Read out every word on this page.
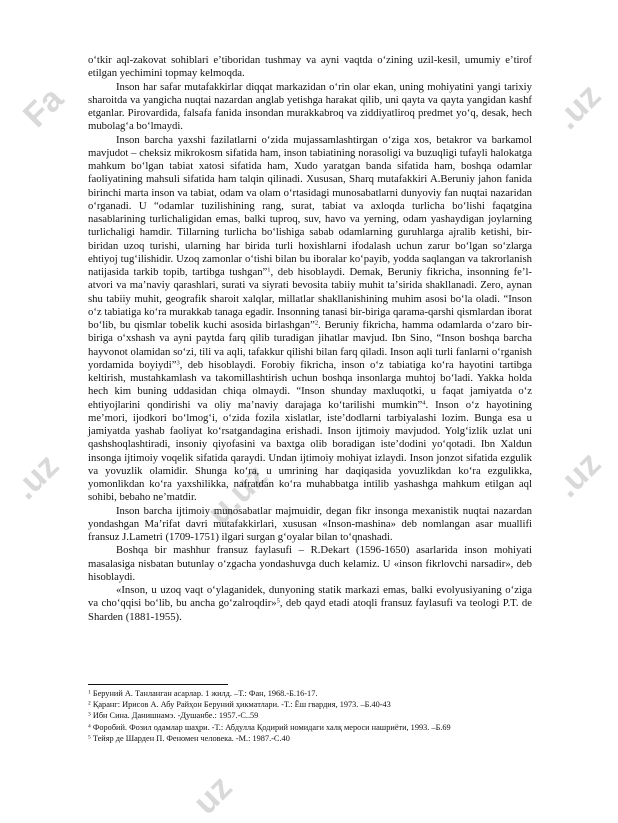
Fa
.uz	u.uz	.uz
.uz
uz

oʻtkir aql-zakovat sohiblari eʼtiboridan tushmay va ayni vaqtda oʻzining uzil-kesil, umumiy eʼtirof etilgan yechimini topmay kelmoqda.

Inson har safar mutafakkirlar diqqat markazidan oʻrin olar ekan, uning mohiyatini yangi tarixiy sharoitda va yangicha nuqtai nazardan anglab yetishga harakat qilib, uni qayta va qayta yangidan kashf etganlar. Pirovardida, falsafa fanida insondan murakkabroq va ziddiyatliroq predmet yoʻq, desak, hech mubolagʻa boʻlmaydi.

Inson barcha yaxshi fazilatlarni oʻzida mujassamlashtirgan oʻziga xos, betakror va barkamol mavjudot – cheksiz mikrokosm sifatida ham, inson tabiatining norasoligi va buzuqligi tufayli halokatga mahkum boʻlgan tabiat xatosi sifatida ham, Xudo yaratgan banda sifatida ham, boshqa odamlar faoliyatining mahsuli sifatida ham talqin qilinadi. Xususan, Sharq mutafakkiri A.Beruniy jahon fanida birinchi marta inson va tabiat, odam va olam oʻrtasidagi munosabatlarni dunyoviy fan nuqtai nazaridan oʻrganadi. U “odamlar tuzilishining rang, surat, tabiat va axloqda turlicha boʻlishi faqatgina nasablarining turlichaligidan emas, balki tuproq, suv, havo va yerning, odam yashaydigan joylarning turlichaligi hamdir. Tillarning turlicha boʻlishiga sabab odamlarning guruhlarga ajralib ketishi, bir-biridan uzoq turishi, ularning har birida turli hoxishlarni ifodalash uchun zarur boʻlgan soʻzlarga ehtiyoj tugʻilishidir. Uzoq zamonlar oʻtishi bilan bu iboralar koʻpayib, yodda saqlangan va takrorlanish natijasida tarkib topib, tartibga tushgan”$^1$, deb hisoblaydi. Demak, Beruniy fikricha, insonning feʼl-atvori va maʼnaviy qarashlari, surati va siyrati bevosita tabiiy muhit taʼsirida shakllanadi. Zero, aynan shu tabiiy muhit, geografik sharoit xalqlar, millatlar shakllanishining muhim asosi boʻla oladi. “Inson oʻz tabiatiga koʻra murakkab tanaga egadir. Insonning tanasi bir-biriga qarama-qarshi qismlardan iborat boʻlib, bu qismlar tobelik kuchi asosida birlashgan”$^2$. Beruniy fikricha, hamma odamlarda oʻzaro bir-biriga oʻxshash va ayni paytda farq qilib turadigan jihatlar mavjud. Ibn Sino, “Inson boshqa barcha hayvonot olamidan soʻzi, tili va aqli, tafakkur qilishi bilan farq qiladi. Inson aqli turli fanlarni oʻrganish yordamida boyiydi”$^3$, deb hisoblaydi. Forobiy fikricha, inson oʻz tabiatiga koʻra hayotini tartibga keltirish, mustahkamlash va takomillashtirish uchun boshqa insonlarga muhtoj boʻladi. Yakka holda hech kim buning uddasidan chiqa olmaydi. “Inson shunday maxluqotki, u faqat jamiyatda oʻz ehtiyojlarini qondirishi va oliy maʼnaviy darajaga koʻtarilishi mumkin”$^4$. Inson oʻz hayotining meʼmori, ijodkori boʻlmogʻi, oʻzida fozila xislatlar, isteʼdodlarni tarbiyalashi lozim. Bunga esa u jamiyatda yashab faoliyat koʻrsatgandagina erishadi. Inson ijtimoiy mavjudod. Yolgʻizlik uzlat uni qashshoqlashtiradi, insoniy qiyofasini va baxtga olib boradigan isteʼdodini yoʻqotadi. Ibn Xaldun insonga ijtimoiy voqelik sifatida qaraydi. Undan ijtimoiy mohiyat izlaydi. Inson jonzot sifatida ezgulik va yovuzlik olamidir. Shunga koʻra, u umrining har daqiqasida yovuzlikdan koʻra ezgulikka, yomonlikdan koʻra yaxshilikka, nafratdan koʻra muhabbatga intilib yashashga mahkum etilgan aql sohibi, bebaho neʼmatdir.

Inson barcha ijtimoiy munosabatlar majmuidir, degan fikr insonga mexanistik nuqtai nazardan yondashgan Maʼrifat davri mutafakkirlari, xususan «Inson-mashina» deb nomlangan asar muallifi fransuz J.Lametri (1709-1751) ilgari surgan gʻoyalar bilan toʻqnashadi.

Boshqa bir mashhur fransuz faylasufi – R.Dekart (1596-1650) asarlarida inson mohiyati masalasiga nisbatan butunlay oʻzgacha yondashuvga duch kelamiz. U «inson fikrlovchi narsadir», deb hisoblaydi.

«Inson, u uzoq vaqt oʻylaganidek, dunyoning statik markazi emas, balki evolyusiyaning oʻziga va choʻqqisi boʻlib, bu ancha goʻzalroqdir»$^5$, deb qayd etadi atoqli fransuz faylasufi va teologi P.T. de Sharden (1881-1955).

$^1$ Беруний А. Танланган асарлар. 1 жилд. –Т.: Фан, 1968.-Б.16-17.
$^2$ Қаранг: Ирисов А. Абу Райҳон Беруний ҳикматлари. -Т.: Ёш гвардия, 1973. –Б.40-43
$^3$ Ибн Сина. Данишнамэ. -Душанбе.: 1957.-С..59
$^4$ Форобий. Фозил одамлар шаҳри. -Т.: Абдулла Қодирий номидаги халқ мероси нашриёти, 1993. –Б.69
$^5$ Тейяр де Шарден П. Феномен человека. -М.: 1987.-С.40
